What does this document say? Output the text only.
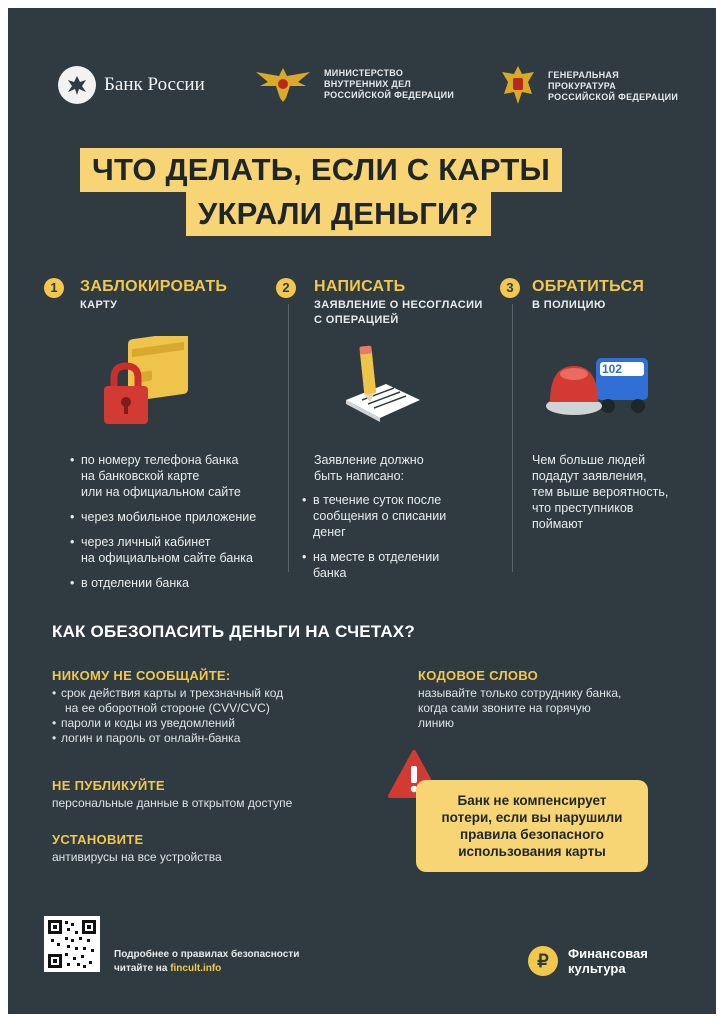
Банк России
МИНИСТЕРСТВО ВНУТРЕННИХ ДЕЛ
РОССИЙСКОЙ ФЕДЕРАЦИИ
ГЕНЕРАЛЬНАЯ ПРОКУРАТУРА
РОССИЙСКОЙ ФЕДЕРАЦИИ
ЧТО ДЕЛАТЬ, ЕСЛИ С КАРТЫ
УКРАЛИ ДЕНЬГИ?
1	ЗАБЛОКИРОВАТЬ
КАРТУ
2	НАПИСАТЬ
ЗАЯВЛЕНИЕ О НЕСОГЛАСИИ
С ОПЕРАЦИЕЙ
3	ОБРАТИТЬСЯ
В ПОЛИЦИЮ
102
• по номеру телефона банка
на банковской карте
или на официальном сайте
• через мобильное приложение
• через личный кабинет
на официальном сайте банка
• в отделении банка
Заявление должно
быть написано:
• в течение суток после
сообщения о списании
денег
• на месте в отделении
банка
Чем больше людей
подадут заявления,
тем выше вероятность,
что преступников
поймают
КАК ОБЕЗОПАСИТЬ ДЕНЬГИ НА СЧЕТАХ?
НИКОМУ НЕ СООБЩАЙТЕ:
• срок действия карты и трехзначный код
на ее оборотной стороне (CVV/CVC)
• пароли и коды из уведомлений
• логин и пароль от онлайн-банка
НЕ ПУБЛИКУЙТЕ
персональные данные в открытом доступе
УСТАНОВИТЕ
антивирусы на все устройства
КОДОВОЕ СЛОВО
называйте только сотруднику банка,
когда сами звоните на горячую
линию
Банк не компенсирует
потери, если вы нарушили
правила безопасного
использования карты
Подробнее о правилах безопасности
читайте на fincult.info	₽	Финансовая
культура
